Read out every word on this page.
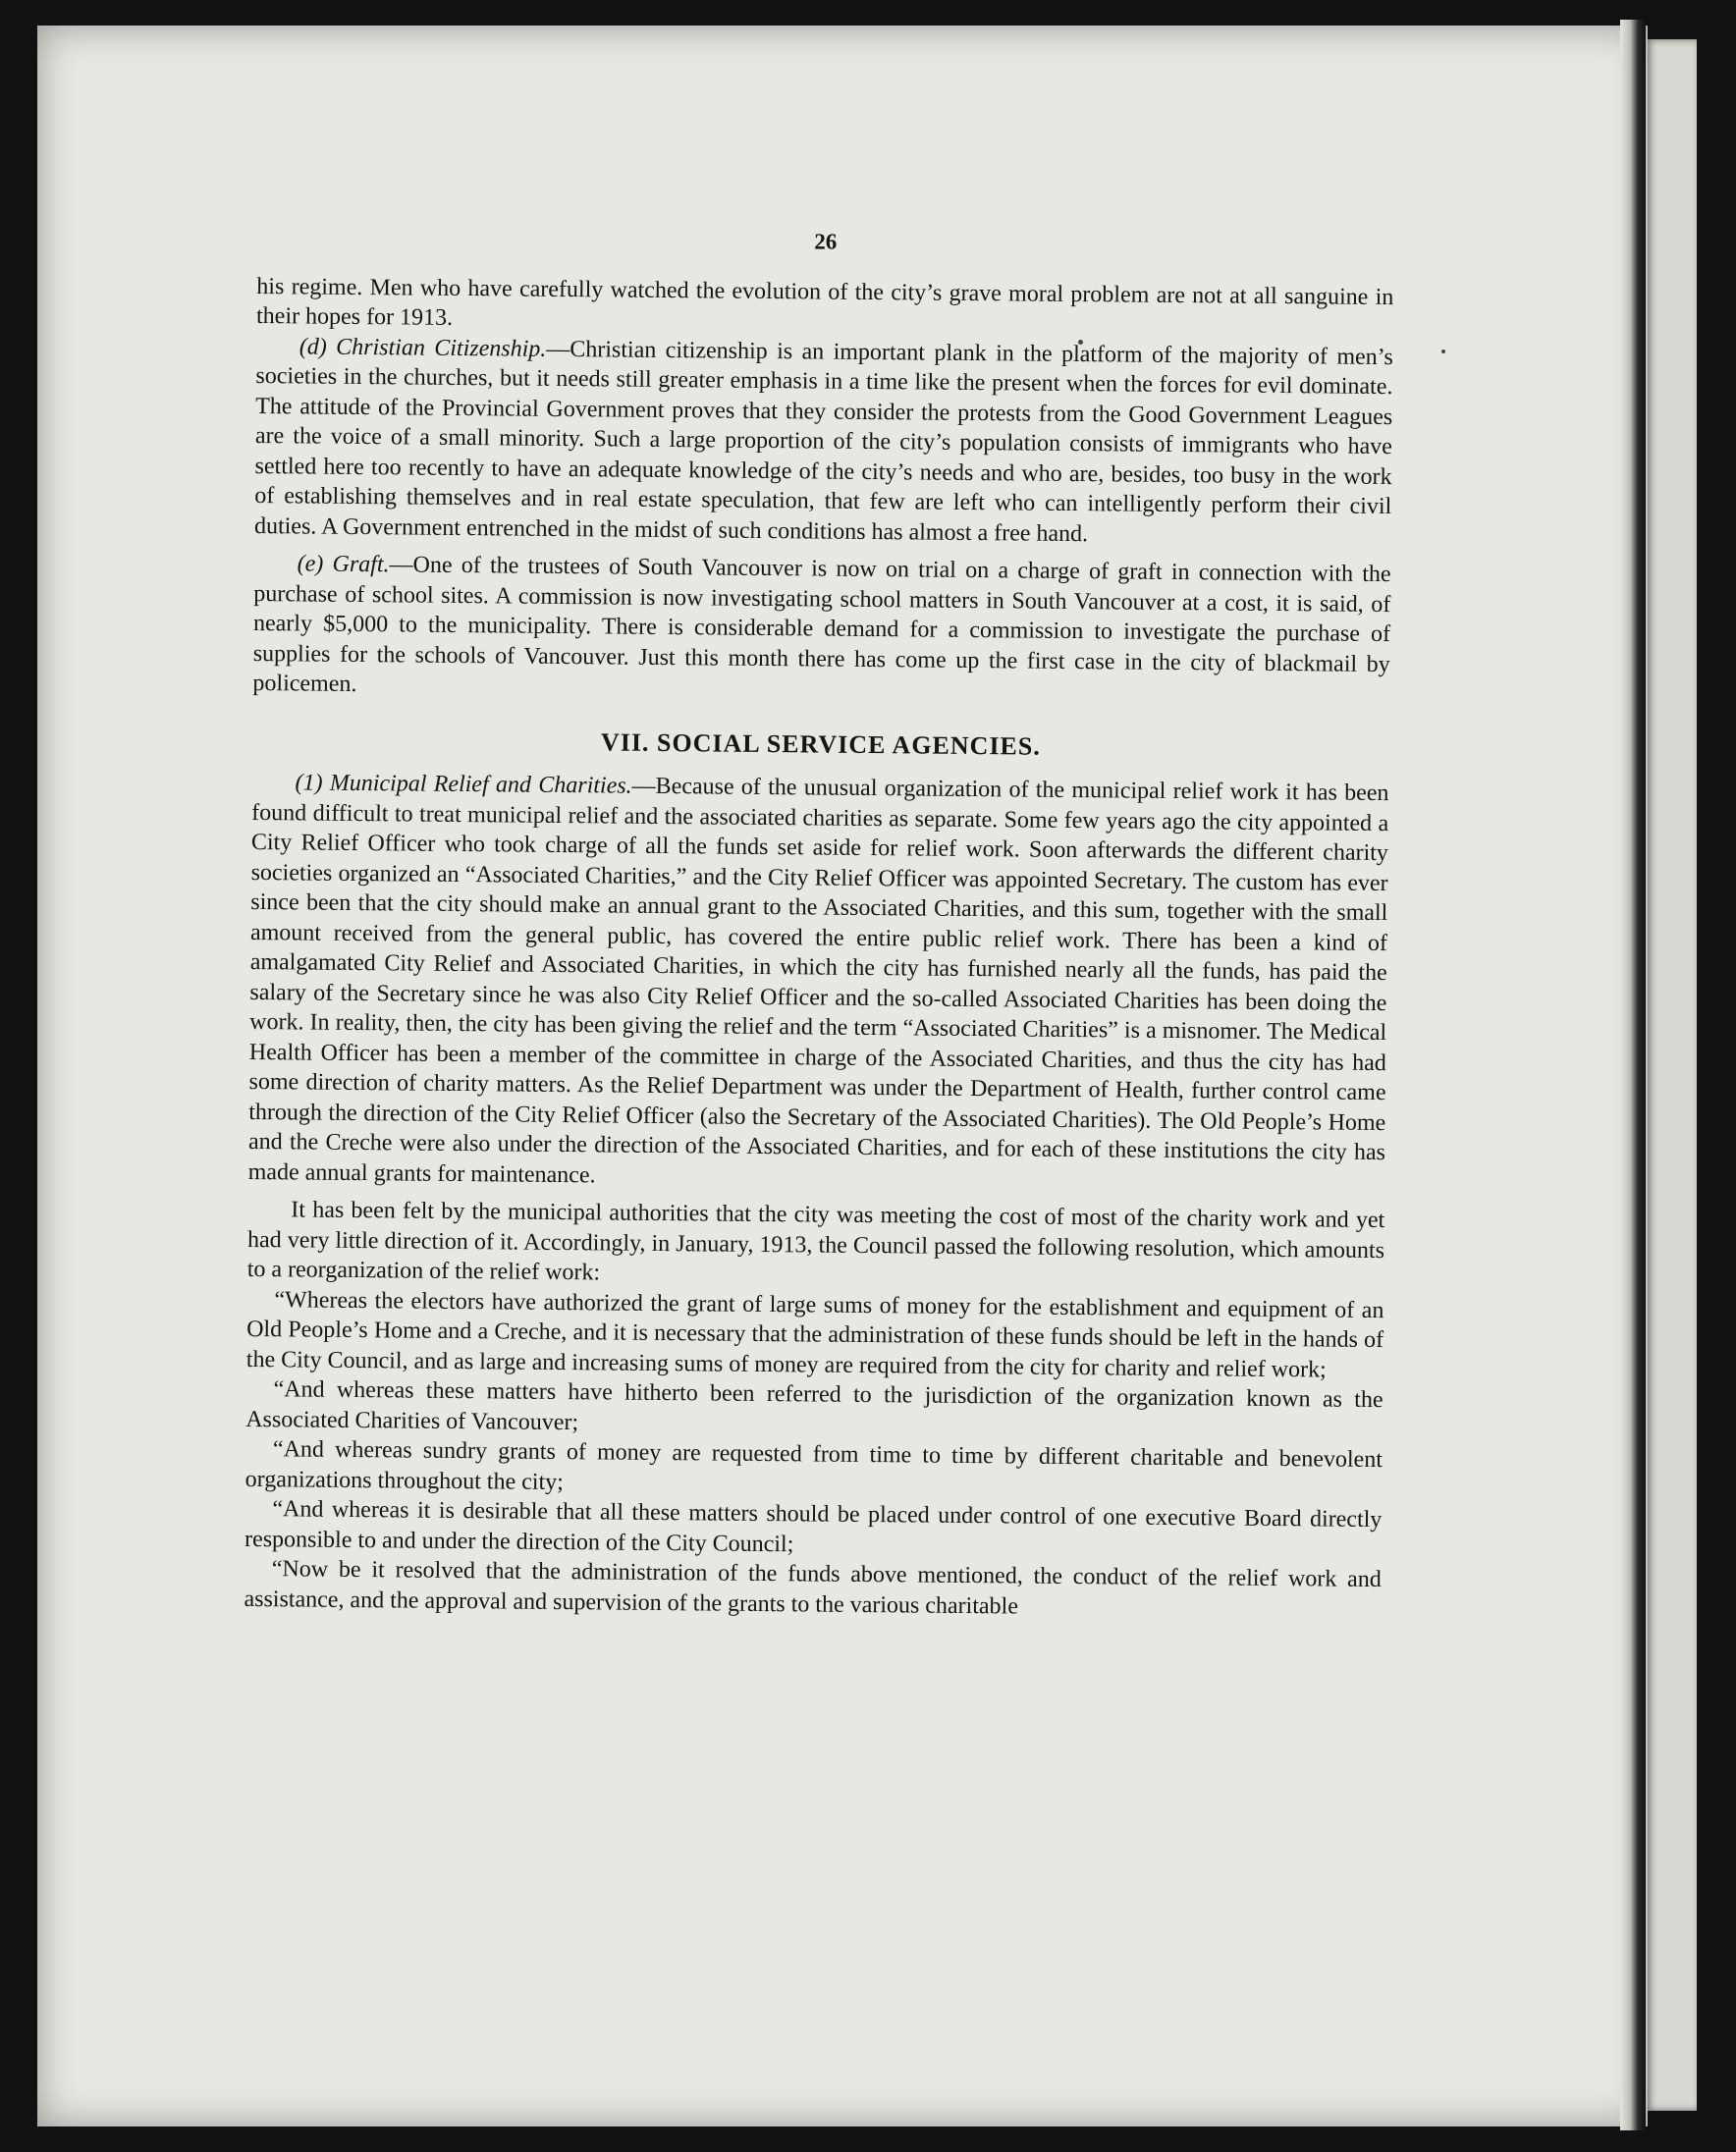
26

his regime. Men who have carefully watched the evolution of the city’s grave moral problem are not at all sanguine in their hopes for 1913.

(d) Christian Citizenship.—Christian citizenship is an important plank in the platform of the majority of men’s societies in the churches, but it needs still greater emphasis in a time like the present when the forces for evil dominate. The attitude of the Provincial Government proves that they consider the protests from the Good Government Leagues are the voice of a small minority. Such a large proportion of the city’s population consists of immigrants who have settled here too recently to have an adequate knowledge of the city’s needs and who are, besides, too busy in the work of establishing themselves and in real estate speculation, that few are left who can intelligently perform their civil duties. A Government entrenched in the midst of such conditions has almost a free hand.

(e) Graft.—One of the trustees of South Vancouver is now on trial on a charge of graft in connection with the purchase of school sites. A commission is now investigating school matters in South Vancouver at a cost, it is said, of nearly $5,000 to the municipality. There is considerable demand for a commission to investigate the purchase of supplies for the schools of Vancouver. Just this month there has come up the first case in the city of blackmail by policemen.

VII. SOCIAL SERVICE AGENCIES.

(1) Municipal Relief and Charities.—Because of the unusual organization of the municipal relief work it has been found difficult to treat municipal relief and the associated charities as separate. Some few years ago the city appointed a City Relief Officer who took charge of all the funds set aside for relief work. Soon afterwards the different charity societies organized an “Associated Charities,” and the City Relief Officer was appointed Secretary. The custom has ever since been that the city should make an annual grant to the Associated Charities, and this sum, together with the small amount received from the general public, has covered the entire public relief work. There has been a kind of amalgamated City Relief and Associated Charities, in which the city has furnished nearly all the funds, has paid the salary of the Secretary since he was also City Relief Officer and the so-called Associated Charities has been doing the work. In reality, then, the city has been giving the relief and the term “Associated Charities” is a misnomer. The Medical Health Officer has been a member of the committee in charge of the Associated Charities, and thus the city has had some direction of charity matters. As the Relief Department was under the Department of Health, further control came through the direction of the City Relief Officer (also the Secretary of the Associated Charities). The Old People’s Home and the Creche were also under the direction of the Associated Charities, and for each of these institutions the city has made annual grants for maintenance.

It has been felt by the municipal authorities that the city was meeting the cost of most of the charity work and yet had very little direction of it. Accordingly, in January, 1913, the Council passed the following resolution, which amounts to a reorganization of the relief work:

“Whereas the electors have authorized the grant of large sums of money for the establishment and equipment of an Old People’s Home and a Creche, and it is necessary that the administration of these funds should be left in the hands of the City Council, and as large and increasing sums of money are required from the city for charity and relief work;

“And whereas these matters have hitherto been referred to the jurisdiction of the organization known as the Associated Charities of Vancouver;

“And whereas sundry grants of money are requested from time to time by different charitable and benevolent organizations throughout the city;

“And whereas it is desirable that all these matters should be placed under control of one executive Board directly responsible to and under the direction of the City Council;

“Now be it resolved that the administration of the funds above mentioned, the conduct of the relief work and assistance, and the approval and supervision of the grants to the various charitable
